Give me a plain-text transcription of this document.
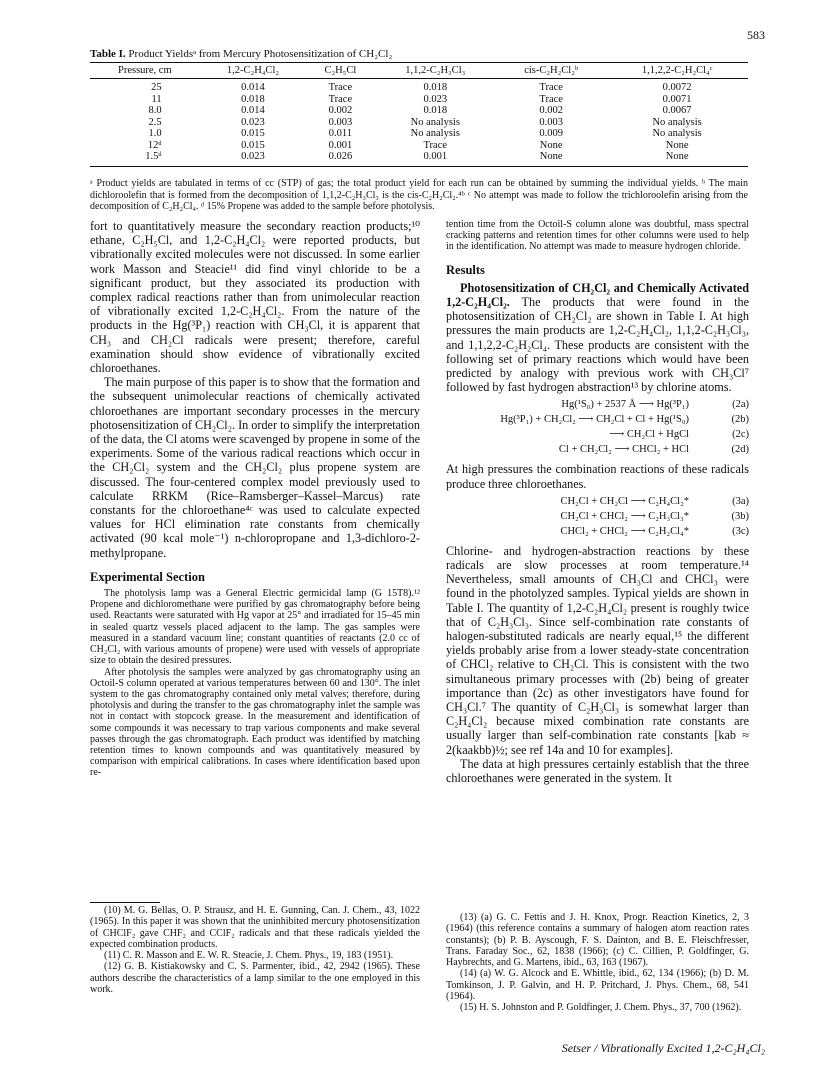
583
Table I. Product Yieldsᵃ from Mercury Photosensitization of CH₂Cl₂
Pressure, cm	1,2-C₂H₄Cl₂	C₂H₅Cl	1,1,2-C₂H₃Cl₃	cis-C₂H₂Cl₂ᵇ	1,1,2,2-C₂H₂Cl₄ᶜ
25	0.014	Trace	0.018	Trace	0.0072
11	0.018	Trace	0.023	Trace	0.0071
8.0	0.014	0.002	0.018	0.002	0.0067
2.5	0.023	0.003	No analysis	0.003	No analysis
1.0	0.015	0.011	No analysis	0.009	No analysis
12ᵈ	0.015	0.001	Trace	None	None
1.5ᵈ	0.023	0.026	0.001	None	None
ᵃ Product yields are tabulated in terms of cc (STP) of gas; the total product yield for each run can be obtained by summing the individual yields. ᵇ The main dichloroolefin that is formed from the decomposition of 1,1,2-C₂H₃Cl₃ is the cis-C₂H₂Cl₂.⁴ᵇ ᶜ No attempt was made to follow the trichloroolefin arising from the decomposition of C₂H₂Cl₄. ᵈ 15% Propene was added to the sample before photolysis.

fort to quantitatively measure the secondary reaction products;¹⁰ ethane, C₂H₅Cl, and 1,2-C₂H₄Cl₂ were reported products, but vibrationally excited molecules were not discussed. In some earlier work Masson and Steacie¹¹ did find vinyl chloride to be a significant product, but they associated its production with complex radical reactions rather than from unimolecular reaction of vibrationally excited 1,2-C₂H₄Cl₂. From the nature of the products in the Hg(³P₁) reaction with CH₃Cl, it is apparent that CH₃ and CH₂Cl radicals were present; therefore, careful examination should show evidence of vibrationally excited chloroethanes.

The main purpose of this paper is to show that the formation and the subsequent unimolecular reactions of chemically activated chloroethanes are important secondary processes in the mercury photosensitization of CH₂Cl₂. In order to simplify the interpretation of the data, the Cl atoms were scavenged by propene in some of the experiments. Some of the various radical reactions which occur in the CH₂Cl₂ system and the CH₂Cl₂ plus propene system are discussed. The four-centered complex model previously used to calculate RRKM (Rice–Ramsberger–Kassel–Marcus) rate constants for the chloroethane⁴ᶜ was used to calculate expected values for HCl elimination rate constants from chemically activated (90 kcal mole⁻¹) n-chloropropane and 1,3-dichloro-2-methylpropane.

Experimental Section

The photolysis lamp was a General Electric germicidal lamp (G 15T8).¹² Propene and dichloromethane were purified by gas chromatography before being used. Reactants were saturated with Hg vapor at 25° and irradiated for 15–45 min in sealed quartz vessels placed adjacent to the lamp. The gas samples were measured in a standard vacuum line; constant quantities of reactants (2.0 cc of CH₂Cl₂ with various amounts of propene) were used with vessels of appropriate size to obtain the desired pressures.

After photolysis the samples were analyzed by gas chromatography using an Octoil-S column operated at various temperatures between 60 and 130°. The inlet system to the gas chromatography contained only metal valves; therefore, during photolysis and during the transfer to the gas chromatography inlet the sample was not in contact with stopcock grease. In the measurement and identification of some compounds it was necessary to trap various components and make several passes through the gas chromatograph. Each product was identified by matching retention times to known compounds and was quantitatively measured by comparison with empirical calibrations. In cases where identification based upon re-

tention time from the Octoil-S column alone was doubtful, mass spectral cracking patterns and retention times for other columns were used to help in the identification. No attempt was made to measure hydrogen chloride.

Results

Photosensitization of CH₂Cl₂ and Chemically Activated 1,2-C₂H₄Cl₂. The products that were found in the photosensitization of CH₂Cl₂ are shown in Table I. At high pressures the main products are 1,2-C₂H₄Cl₂, 1,1,2-C₂H₃Cl₃, and 1,1,2,2-C₂H₂Cl₄. These products are consistent with the following set of primary reactions which would have been predicted by analogy with previous work with CH₃Cl⁷ followed by fast hydrogen abstraction¹³ by chlorine atoms.

Hg(¹S₀) + 2537 Å ⟶ Hg(³P₁)	(2a)
Hg(³P₁) + CH₂Cl₂ ⟶ CH₂Cl + Cl + Hg(¹S₀)	(2b)
⟶ CH₂Cl + HgCl	(2c)
Cl + CH₂Cl₂ ⟶ CHCl₂ + HCl	(2d)

At high pressures the combination reactions of these radicals produce three chloroethanes.

CH₂Cl + CH₂Cl ⟶ C₂H₄Cl₂*	(3a)
CH₂Cl + CHCl₂ ⟶ C₂H₃Cl₃*	(3b)
CHCl₂ + CHCl₂ ⟶ C₂H₂Cl₄*	(3c)

Chlorine- and hydrogen-abstraction reactions by these radicals are slow processes at room temperature.¹⁴ Nevertheless, small amounts of CH₃Cl and CHCl₃ were found in the photolyzed samples. Typical yields are shown in Table I. The quantity of 1,2-C₂H₄Cl₂ present is roughly twice that of C₂H₃Cl₃. Since self-combination rate constants of halogen-substituted radicals are nearly equal,¹⁵ the different yields probably arise from a lower steady-state concentration of CHCl₂ relative to CH₂Cl. This is consistent with the two simultaneous primary processes with (2b) being of greater importance than (2c) as other investigators have found for CH₃Cl.⁷ The quantity of C₂H₃Cl₃ is somewhat larger than C₂H₄Cl₂ because mixed combination rate constants are usually larger than self-combination rate constants [kab ≈ 2(kaakbb)½; see ref 14a and 10 for examples].

The data at high pressures certainly establish that the three chloroethanes were generated in the system. It

(10) M. G. Bellas, O. P. Strausz, and H. E. Gunning, Can. J. Chem., 43, 1022 (1965). In this paper it was shown that the uninhibited mercury photosensitization of CHClF₂ gave CHF₂ and CClF₂ radicals and that these radicals yielded the expected combination products.

(11) C. R. Masson and E. W. R. Steacie, J. Chem. Phys., 19, 183 (1951).

(12) G. B. Kistiakowsky and C. S. Parmenter, ibid., 42, 2942 (1965). These authors describe the characteristics of a lamp similar to the one employed in this work.

(13) (a) G. C. Fettis and J. H. Knox, Progr. Reaction Kinetics, 2, 3 (1964) (this reference contains a summary of halogen atom reaction rates constants); (b) P. B. Ayscough, F. S. Dainton, and B. E. Fleischfresser, Trans. Faraday Soc., 62, 1838 (1966); (c) C. Cillien, P. Goldfinger, G. Haybrechts, and G. Martens, ibid., 63, 163 (1967).

(14) (a) W. G. Alcock and E. Whittle, ibid., 62, 134 (1966); (b) D. M. Tomkinson, J. P. Galvin, and H. P. Pritchard, J. Phys. Chem., 68, 541 (1964).

(15) H. S. Johnston and P. Goldfinger, J. Chem. Phys., 37, 700 (1962).

Setser / Vibrationally Excited 1,2-C₂H₄Cl₂
